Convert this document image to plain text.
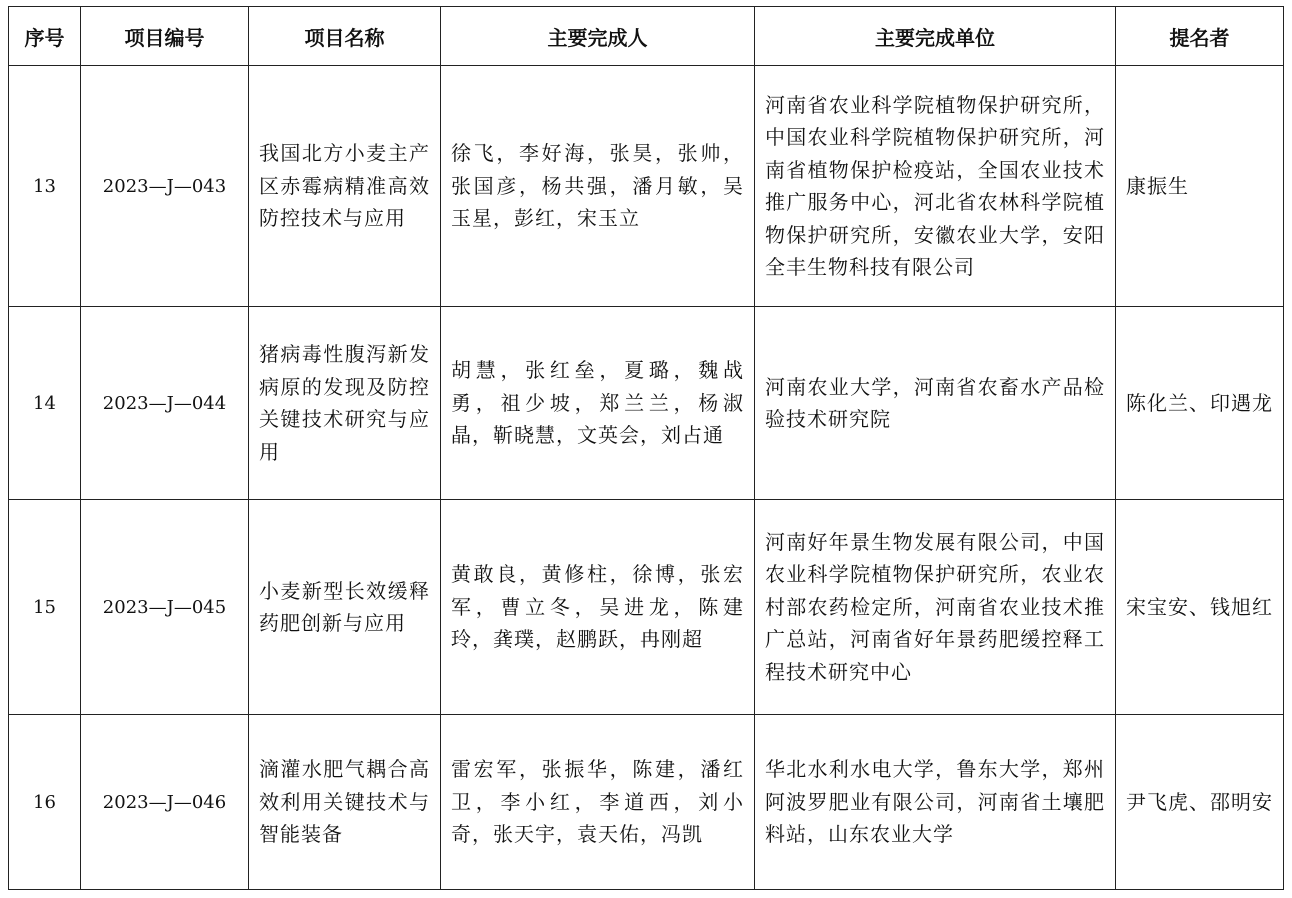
序号	项目编号	项目名称	主要完成人	主要完成单位	提名者
13	2023—J—043	我国北方小麦主产区赤霉病精准高效防控技术与应用	徐飞，李好海，张昊，张帅，张国彦，杨共强，潘月敏，吴玉星，彭红，宋玉立	河南省农业科学院植物保护研究所，中国农业科学院植物保护研究所，河南省植物保护检疫站，全国农业技术推广服务中心，河北省农林科学院植物保护研究所，安徽农业大学，安阳全丰生物科技有限公司	康振生
14	2023—J—044	猪病毒性腹泻新发病原的发现及防控关键技术研究与应用	胡慧，张红垒，夏璐，魏战勇，祖少坡，郑兰兰，杨淑晶，靳晓慧，文英会，刘占通	河南农业大学，河南省农畜水产品检验技术研究院	陈化兰、印遇龙
15	2023—J—045	小麦新型长效缓释药肥创新与应用	黄敢良，黄修柱，徐博，张宏军，曹立冬，吴进龙，陈建玲，龚璞，赵鹏跃，冉刚超	河南好年景生物发展有限公司，中国农业科学院植物保护研究所，农业农村部农药检定所，河南省农业技术推广总站，河南省好年景药肥缓控释工程技术研究中心	宋宝安、钱旭红
16	2023—J—046	滴灌水肥气耦合高效利用关键技术与智能装备	雷宏军，张振华，陈建，潘红卫，李小红，李道西，刘小奇，张天宇，袁天佑，冯凯	华北水利水电大学，鲁东大学，郑州阿波罗肥业有限公司，河南省土壤肥料站，山东农业大学	尹飞虎、邵明安
